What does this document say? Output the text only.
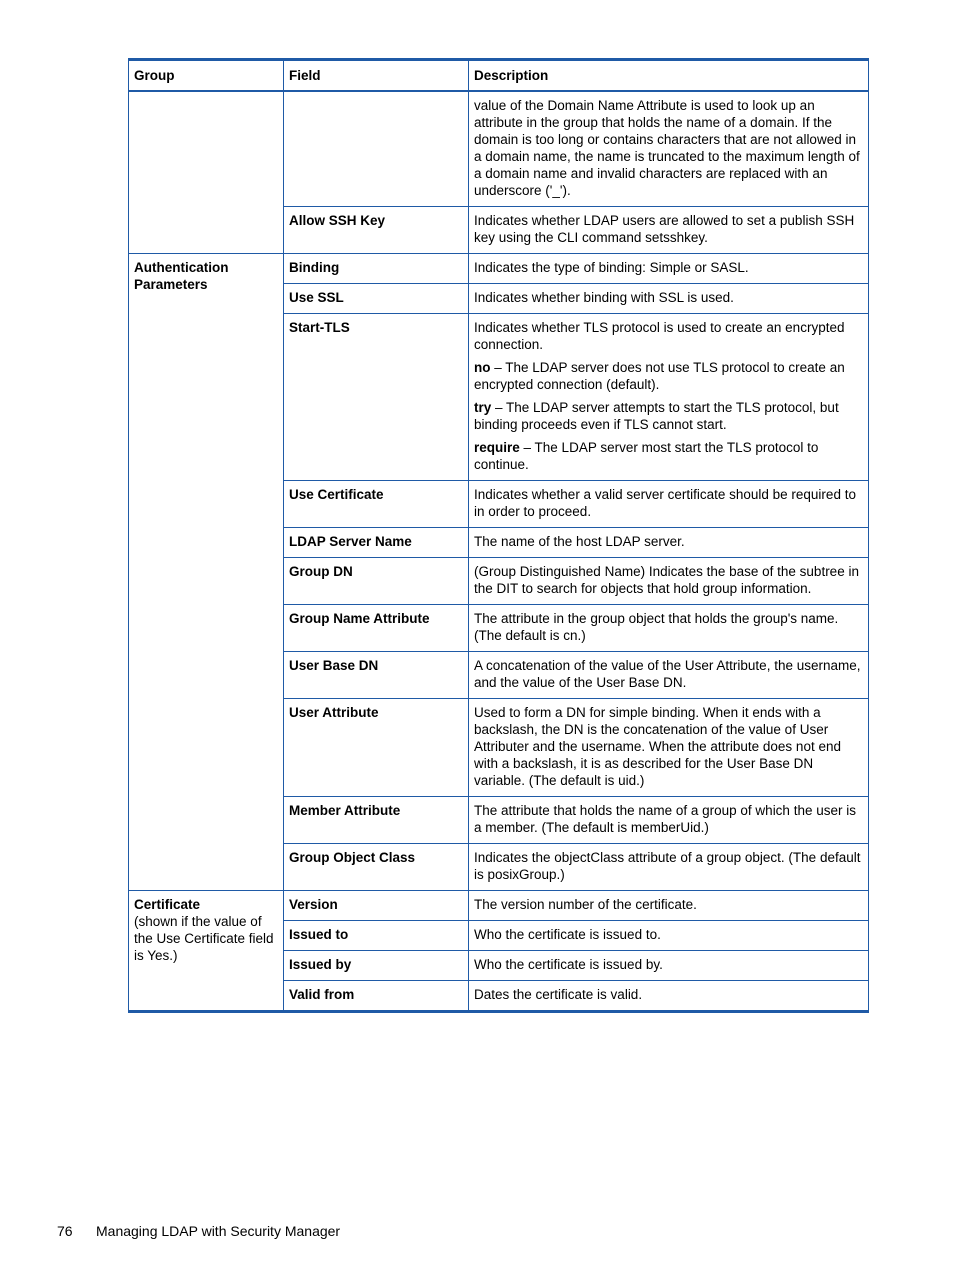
Group	Field	Description
		value of the Domain Name Attribute is used to look up an attribute in the group that holds the name of a domain. If the domain is too long or contains characters that are not allowed in a domain name, the name is truncated to the maximum length of a domain name and invalid characters are replaced with an underscore ('_').
	Allow SSH Key	Indicates whether LDAP users are allowed to set a publish SSH key using the CLI command setsshkey.

Authentication Parameters	Binding	Indicates the type of binding: Simple or SASL.
	Use SSL	Indicates whether binding with SSL is used.
	Start-TLS	Indicates whether TLS protocol is used to create an encrypted connection.
no – The LDAP server does not use TLS protocol to create an encrypted connection (default).
try – The LDAP server attempts to start the TLS protocol, but binding proceeds even if TLS cannot start.
require – The LDAP server most start the TLS protocol to continue.

	Use Certificate	Indicates whether a valid server certificate should be required to in order to proceed.
	LDAP Server Name	The name of the host LDAP server.
	Group DN	(Group Distinguished Name) Indicates the base of the subtree in the DIT to search for objects that hold group information.
	Group Name Attribute	The attribute in the group object that holds the group's name. (The default is cn.)
	User Base DN	A concatenation of the value of the User Attribute, the username, and the value of the User Base DN.
	User Attribute	Used to form a DN for simple binding. When it ends with a backslash, the DN is the concatenation of the value of User Attributer and the username. When the attribute does not end with a backslash, it is as described for the User Base DN variable. (The default is uid.)
	Member Attribute	The attribute that holds the name of a group of which the user is a member. (The default is memberUid.)
	Group Object Class	Indicates the objectClass attribute of a group object. (The default is posixGroup.)

Certificate
(shown if the value of the Use Certificate field is Yes.)	Version	The version number of the certificate.
	Issued to	Who the certificate is issued to.
	Issued by	Who the certificate is issued by.
	Valid from	Dates the certificate is valid.
76 Managing LDAP with Security Manager
